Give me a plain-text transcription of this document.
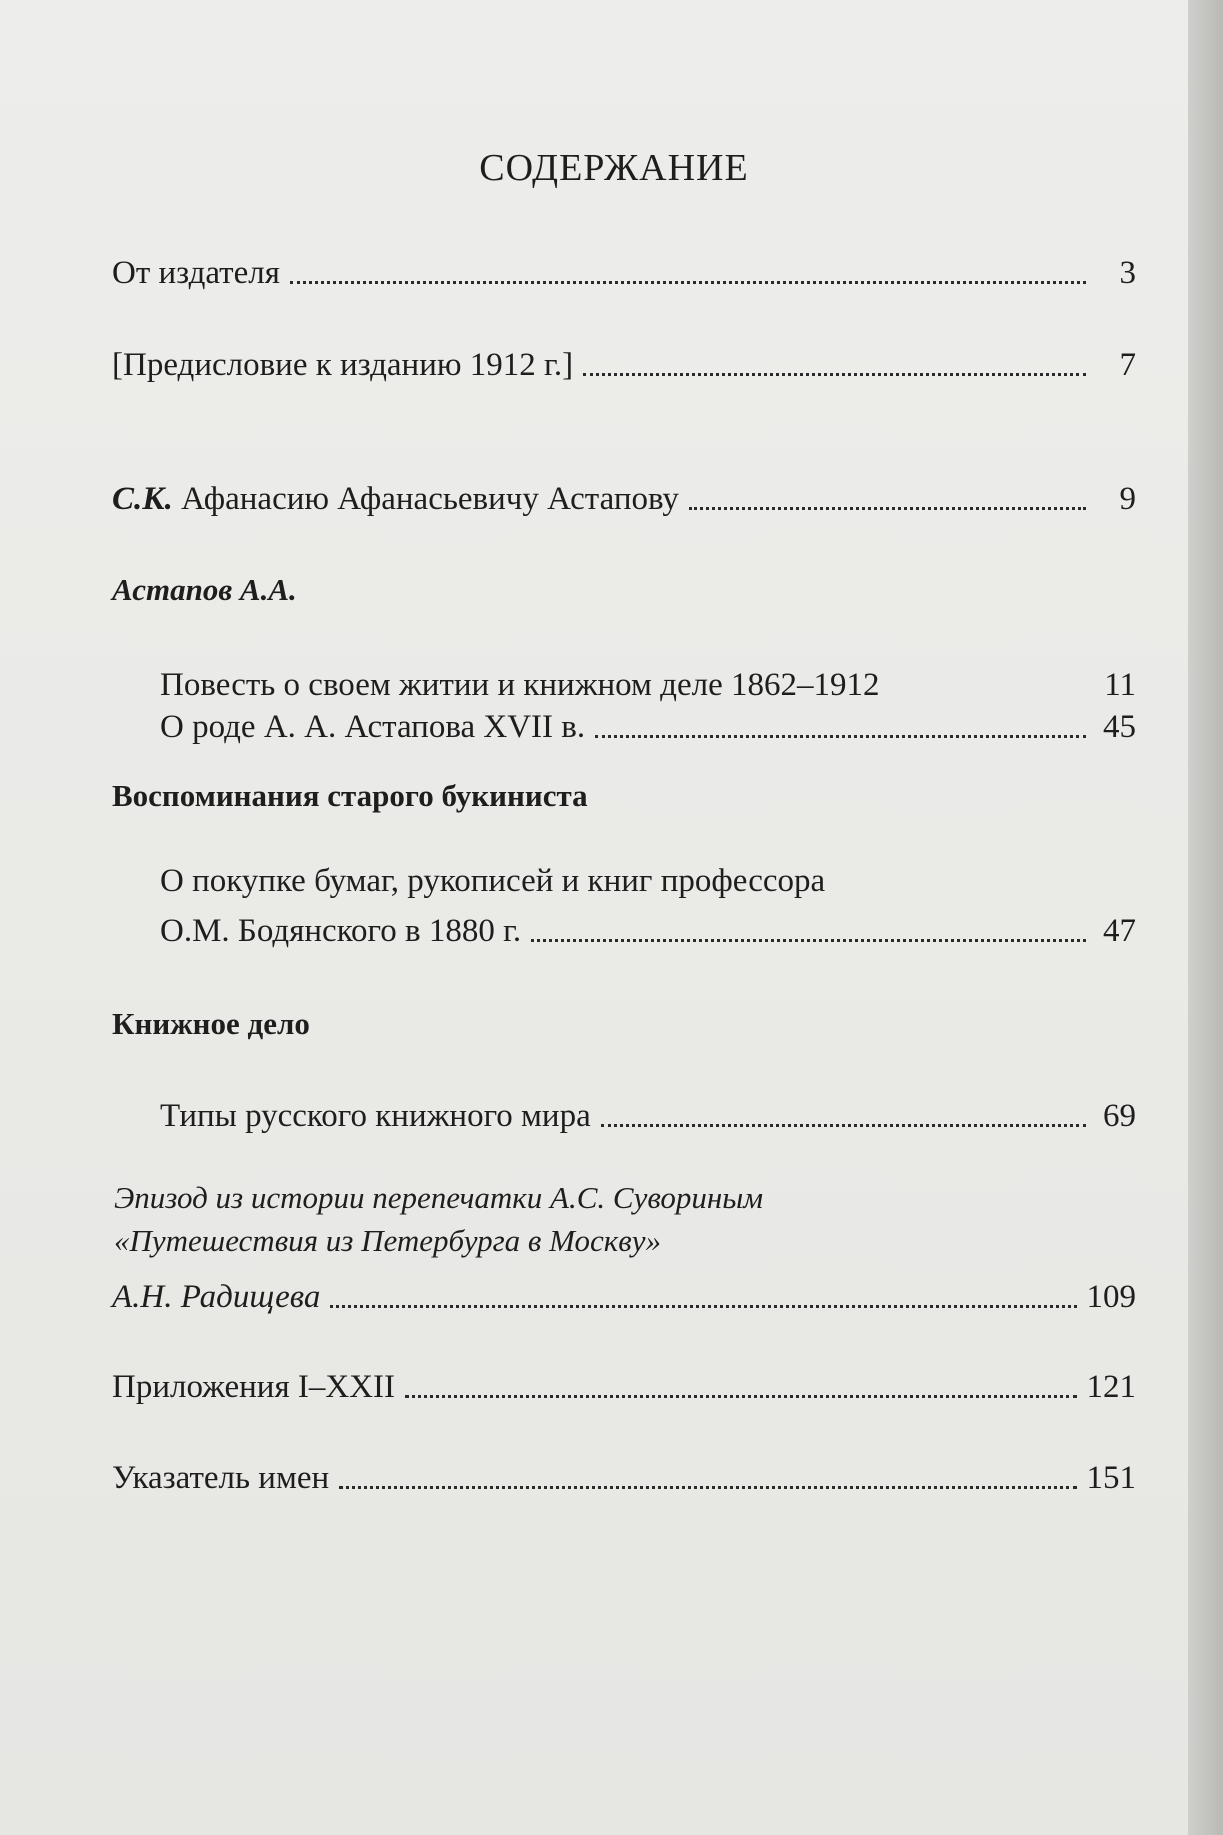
СОДЕРЖАНИЕ
От издателя	3
[Предисловие к изданию 1912 г.]	7
С.К. Афанасию Афанасьевичу Астапову	9
Астапов А.А.
Повесть о своем житии и книжном деле 1862–1912	11
О роде А. А. Астапова XVII в.	45
Воспоминания старого букиниста
О покупке бумаг, рукописей и книг профессора
О.М. Бодянского в 1880 г.	47
Книжное дело
Типы русского книжного мира	69
Эпизод из истории перепечатки А.С. Сувориным
«Путешествия из Петербурга в Москву»
А.Н. Радищева	109
Приложения I–XXII	121
Указатель имен	151
